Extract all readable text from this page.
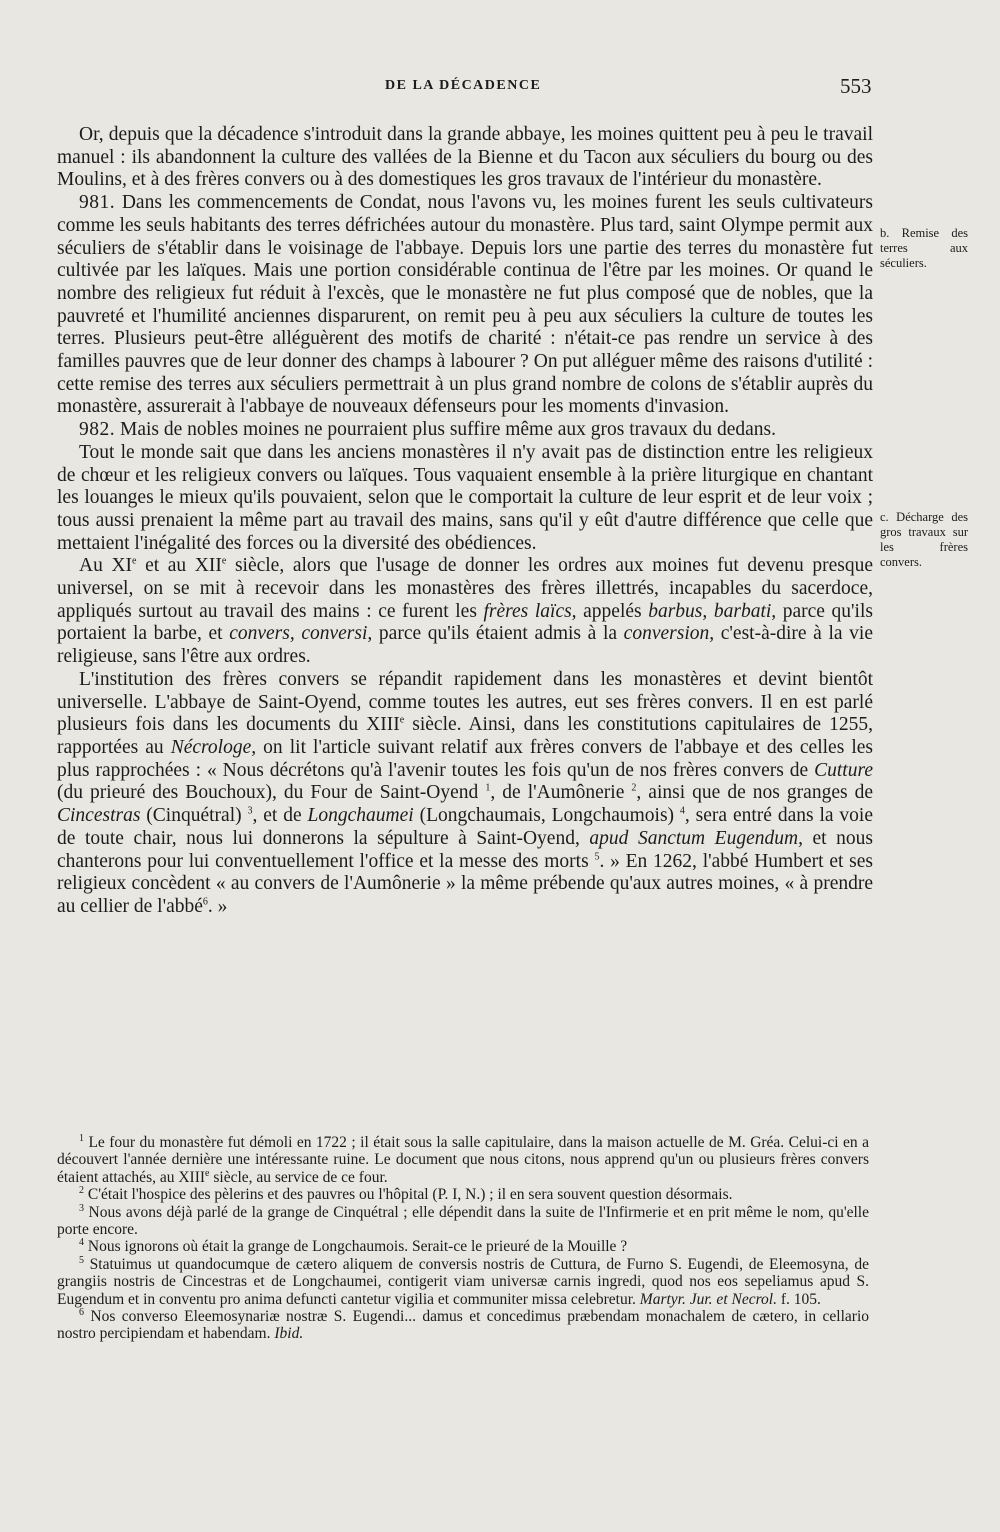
DE LA DÉCADENCE	553

Or, depuis que la décadence s'introduit dans la grande abbaye, les moines quittent peu à peu le travail manuel : ils abandonnent la culture des vallées de la Bienne et du Tacon aux séculiers du bourg ou des Moulins, et à des frères convers ou à des domestiques les gros travaux de l'intérieur du monastère.

981. Dans les commencements de Condat, nous l'avons vu, les moines furent les seuls cultivateurs comme les seuls habitants des terres défrichées autour du monastère. Plus tard, saint Olympe permit aux séculiers de s'établir dans le voisinage de l'abbaye. Depuis lors une partie des terres du monastère fut cultivée par les laïques. Mais une portion considérable continua de l'être par les moines. Or quand le nombre des religieux fut réduit à l'excès, que le monastère ne fut plus composé que de nobles, que la pauvreté et l'humilité anciennes disparurent, on remit peu à peu aux séculiers la culture de toutes les terres. Plusieurs peut-être alléguèrent des motifs de charité : n'était-ce pas rendre un service à des familles pauvres que de leur donner des champs à labourer ? On put alléguer même des raisons d'utilité : cette remise des terres aux séculiers permettrait à un plus grand nombre de colons de s'établir auprès du monastère, assurerait à l'abbaye de nouveaux défenseurs pour les moments d'invasion.

982. Mais de nobles moines ne pourraient plus suffire même aux gros travaux du dedans.

Tout le monde sait que dans les anciens monastères il n'y avait pas de distinction entre les religieux de chœur et les religieux convers ou laïques. Tous vaquaient ensemble à la prière liturgique en chantant les louanges le mieux qu'ils pouvaient, selon que le comportait la culture de leur esprit et de leur voix ; tous aussi prenaient la même part au travail des mains, sans qu'il y eût d'autre différence que celle que mettaient l'inégalité des forces ou la diversité des obédiences.

Au XIe et au XIIe siècle, alors que l'usage de donner les ordres aux moines fut devenu presque universel, on se mit à recevoir dans les monastères des frères illettrés, incapables du sacerdoce, appliqués surtout au travail des mains : ce furent les frères laïcs, appelés barbus, barbati, parce qu'ils portaient la barbe, et convers, conversi, parce qu'ils étaient admis à la conversion, c'est-à-dire à la vie religieuse, sans l'être aux ordres.

L'institution des frères convers se répandit rapidement dans les monastères et devint bientôt universelle. L'abbaye de Saint-Oyend, comme toutes les autres, eut ses frères convers. Il en est parlé plusieurs fois dans les documents du XIIIe siècle. Ainsi, dans les constitutions capitulaires de 1255, rapportées au Nécrologe, on lit l'article suivant relatif aux frères convers de l'abbaye et des celles les plus rapprochées : « Nous décrétons qu'à l'avenir toutes les fois qu'un de nos frères convers de Cutture (du prieuré des Bouchoux), du Four de Saint-Oyend $^1$, de l'Aumônerie $^2$, ainsi que de nos granges de Cincestras (Cinquétral) $^3$, et de Longchaumei (Longchaumais, Longchaumois) $^4$, sera entré dans la voie de toute chair, nous lui donnerons la sépulture à Saint-Oyend, apud Sanctum Eugendum, et nous chanterons pour lui conventuellement l'office et la messe des morts $^5$. » En 1262, l'abbé Humbert et ses religieux concèdent « au convers de l'Aumônerie » la même prébende qu'aux autres moines, « à prendre au cellier de l'abbé$^6$. »

b. Remise des terres aux séculiers.
c. Décharge des gros travaux sur les frères convers.

$^1$ Le four du monastère fut démoli en 1722 ; il était sous la salle capitulaire, dans la maison actuelle de M. Gréa. Celui-ci en a découvert l'année dernière une intéressante ruine. Le document que nous citons, nous apprend qu'un ou plusieurs frères convers étaient attachés, au XIIIe siècle, au service de ce four.

$^2$ C'était l'hospice des pèlerins et des pauvres ou l'hôpital (P. I, N.) ; il en sera souvent question désormais.

$^3$ Nous avons déjà parlé de la grange de Cinquétral ; elle dépendit dans la suite de l'Infirmerie et en prit même le nom, qu'elle porte encore.

$^4$ Nous ignorons où était la grange de Longchaumois. Serait-ce le prieuré de la Mouille ?

$^5$ Statuimus ut quandocumque de cætero aliquem de conversis nostris de Cuttura, de Furno S. Eugendi, de Eleemosyna, de grangiis nostris de Cincestras et de Longchaumei, contigerit viam universæ carnis ingredi, quod nos eos sepeliamus apud S. Eugendum et in conventu pro anima defuncti cantetur vigilia et communiter missa celebretur. Martyr. Jur. et Necrol. f. 105.

$^6$ Nos converso Eleemosynariæ nostræ S. Eugendi... damus et concedimus præbendam monachalem de cætero, in cellario nostro percipiendam et habendam. Ibid.
